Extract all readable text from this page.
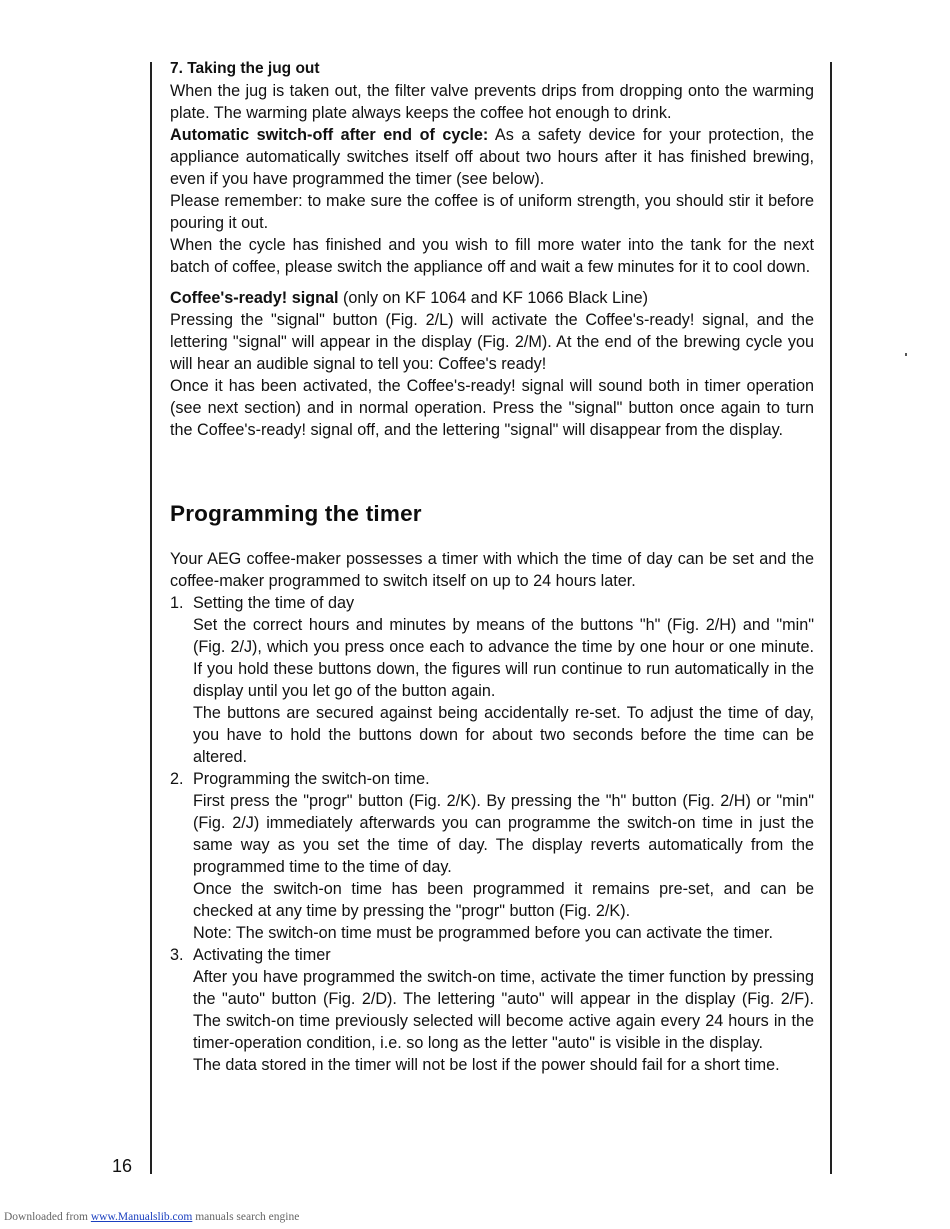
7. Taking the jug out

When the jug is taken out, the filter valve prevents drips from dropping onto the warming plate. The warming plate always keeps the coffee hot enough to drink.

Automatic switch-off after end of cycle: As a safety device for your protection, the appliance automatically switches itself off about two hours after it has finished brewing, even if you have programmed the timer (see below).

Please remember: to make sure the coffee is of uniform strength, you should stir it before pouring it out.

When the cycle has finished and you wish to fill more water into the tank for the next batch of coffee, please switch the appliance off and wait a few minutes for it to cool down.

Coffee's-ready! signal (only on KF 1064 and KF 1066 Black Line)

Pressing the "signal" button (Fig. 2/L) will activate the Coffee's-ready! signal, and the lettering "signal" will appear in the display (Fig. 2/M). At the end of the brewing cycle you will hear an audible signal to tell you: Coffee's ready!

Once it has been activated, the Coffee's-ready! signal will sound both in timer operation (see next section) and in normal operation. Press the "signal" button once again to turn the Coffee's-ready! signal off, and the lettering "signal" will disappear from the display.

Programming the timer

Your AEG coffee-maker possesses a timer with which the time of day can be set and the coffee-maker programmed to switch itself on up to 24 hours later.

1. Setting the time of day

Set the correct hours and minutes by means of the buttons "h" (Fig. 2/H) and "min" (Fig. 2/J), which you press once each to advance the time by one hour or one minute. If you hold these buttons down, the figures will run continue to run automatically in the display until you let go of the button again.

The buttons are secured against being accidentally re-set. To adjust the time of day, you have to hold the buttons down for about two seconds before the time can be altered.

2. Programming the switch-on time.

First press the "progr" button (Fig. 2/K). By pressing the "h" button (Fig. 2/H) or "min" (Fig. 2/J) immediately afterwards you can programme the switch-on time in just the same way as you set the time of day. The display reverts automatically from the programmed time to the time of day.

Once the switch-on time has been programmed it remains pre-set, and can be checked at any time by pressing the "progr" button (Fig. 2/K).

Note: The switch-on time must be programmed before you can activate the timer.

3. Activating the timer

After you have programmed the switch-on time, activate the timer function by pressing the "auto" button (Fig. 2/D). The lettering "auto" will appear in the display (Fig. 2/F). The switch-on time previously selected will become active again every 24 hours in the timer-operation condition, i.e. so long as the letter "auto" is visible in the display.

The data stored in the timer will not be lost if the power should fail for a short time.

16
Downloaded from www.Manualslib.com manuals search engine
